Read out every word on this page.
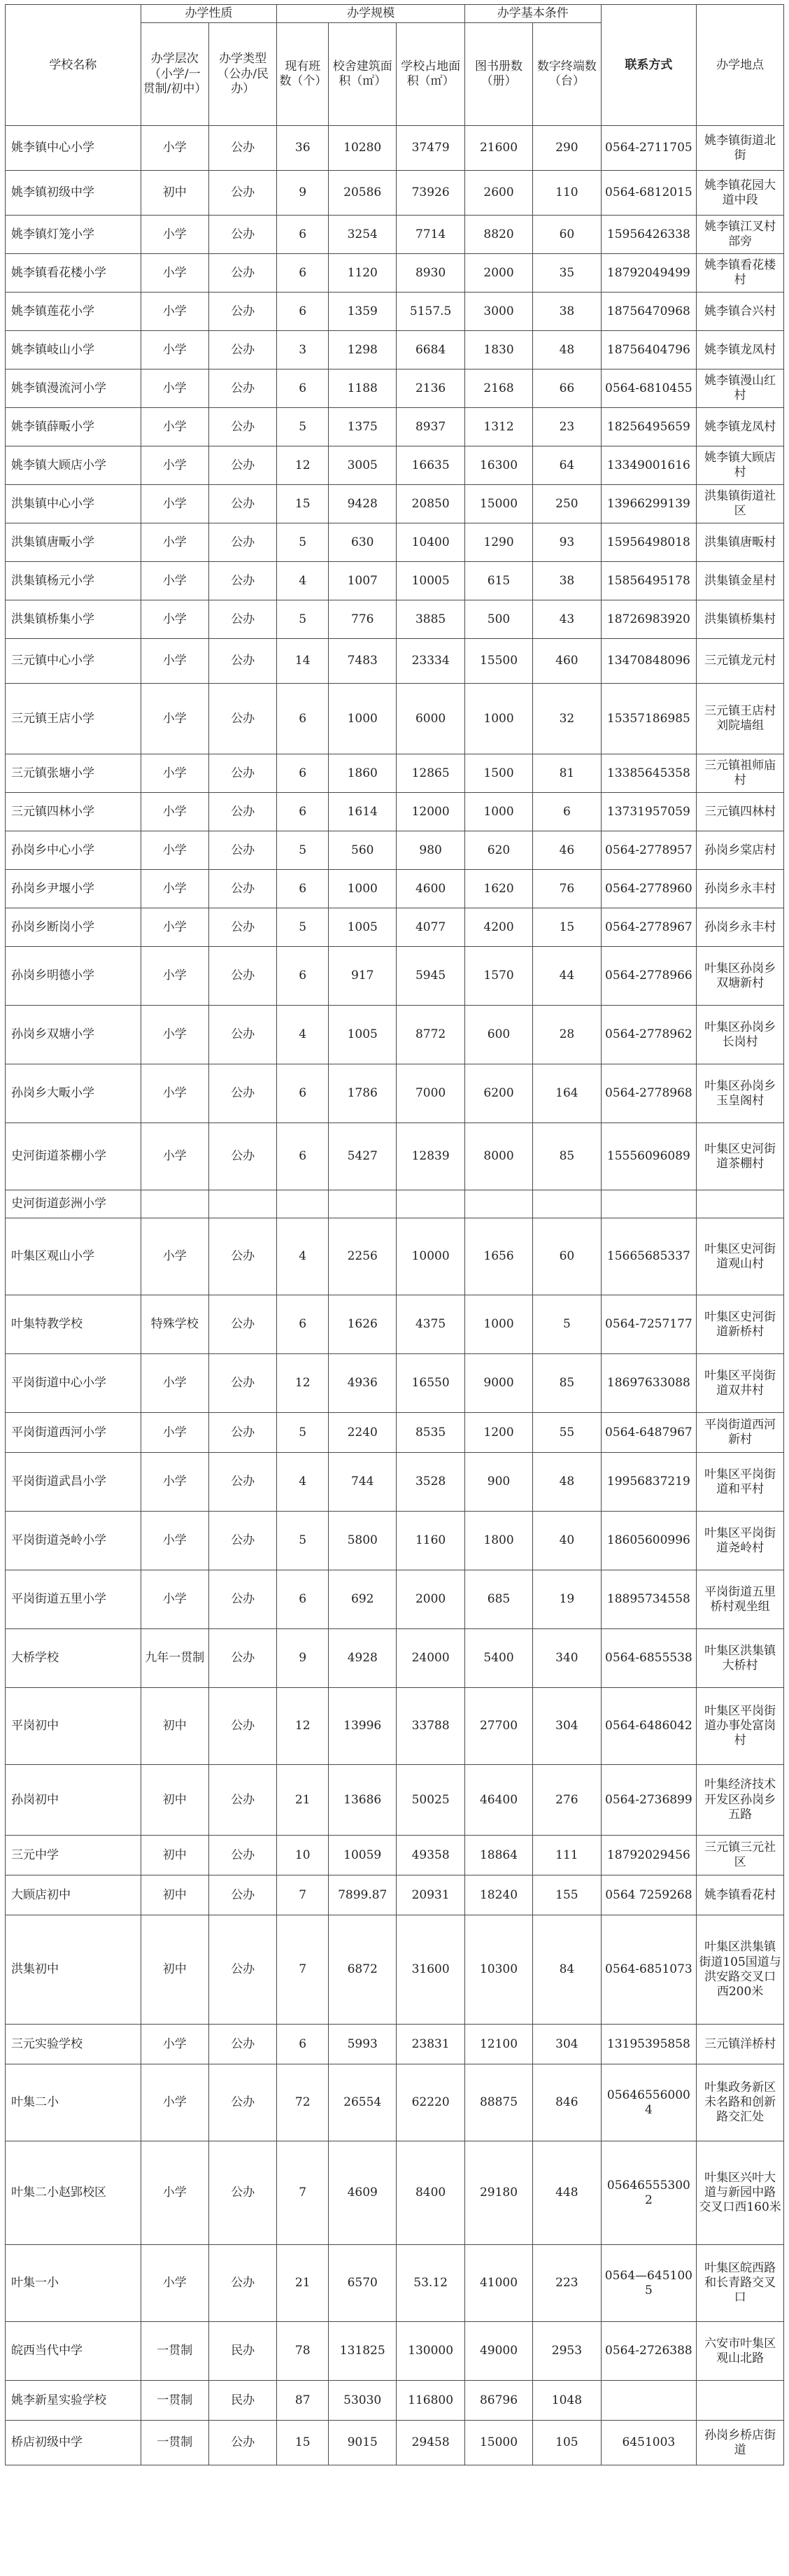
学校名称	办学性质		办学规模			办学基本条件		联系方式	办学地点
	办学层次（小学/一贯制/初中）	办学类型（公办/民办）	现有班数（个）	校舍建筑面积（㎡）	学校占地面积（㎡）	图书册数（册）	数字终端数（台）		
姚李镇中心小学	小学	公办	36	10280	37479	21600	290	0564-2711705	姚李镇街道北街
姚李镇初级中学	初中	公办	9	20586	73926	2600	110	0564-6812015	姚李镇花园大道中段
姚李镇灯笼小学	小学	公办	6	3254	7714	8820	60	15956426338	姚李镇江叉村部旁
姚李镇看花楼小学	小学	公办	6	1120	8930	2000	35	18792049499	姚李镇看花楼村
姚李镇莲花小学	小学	公办	6	1359	5157.5	3000	38	18756470968	姚李镇合兴村
姚李镇岐山小学	小学	公办	3	1298	6684	1830	48	18756404796	姚李镇龙凤村
姚李镇漫流河小学	小学	公办	6	1188	2136	2168	66	0564-6810455	姚李镇漫山红村
姚李镇薛畈小学	小学	公办	5	1375	8937	1312	23	18256495659	姚李镇龙凤村
姚李镇大顾店小学	小学	公办	12	3005	16635	16300	64	13349001616	姚李镇大顾店村
洪集镇中心小学	小学	公办	15	9428	20850	15000	250	13966299139	洪集镇街道社区
洪集镇唐畈小学	小学	公办	5	630	10400	1290	93	15956498018	洪集镇唐畈村
洪集镇杨元小学	小学	公办	4	1007	10005	615	38	15856495178	洪集镇金星村
洪集镇桥集小学	小学	公办	5	776	3885	500	43	18726983920	洪集镇桥集村
三元镇中心小学	小学	公办	14	7483	23334	15500	460	13470848096	三元镇龙元村
三元镇王店小学	小学	公办	6	1000	6000	1000	32	15357186985	三元镇王店村刘院墙组
三元镇张塘小学	小学	公办	6	1860	12865	1500	81	13385645358	三元镇祖师庙村
三元镇四林小学	小学	公办	6	1614	12000	1000	6	13731957059	三元镇四林村
孙岗乡中心小学	小学	公办	5	560	980	620	46	0564-2778957	孙岗乡棠店村
孙岗乡尹堰小学	小学	公办	6	1000	4600	1620	76	0564-2778960	孙岗乡永丰村
孙岗乡断岗小学	小学	公办	5	1005	4077	4200	15	0564-2778967	孙岗乡永丰村
孙岗乡明德小学	小学	公办	6	917	5945	1570	44	0564-2778966	叶集区孙岗乡双塘新村
孙岗乡双塘小学	小学	公办	4	1005	8772	600	28	0564-2778962	叶集区孙岗乡长岗村
孙岗乡大畈小学	小学	公办	6	1786	7000	6200	164	0564-2778968	叶集区孙岗乡玉皇阁村
史河街道茶棚小学	小学	公办	6	5427	12839	8000	85	15556096089	叶集区史河街道茶棚村
史河街道彭洲小学									
叶集区观山小学	小学	公办	4	2256	10000	1656	60	15665685337	叶集区史河街道观山村
叶集特教学校	特殊学校	公办	6	1626	4375	1000	5	0564-7257177	叶集区史河街道新桥村
平岗街道中心小学	小学	公办	12	4936	16550	9000	85	18697633088	叶集区平岗街道双井村
平岗街道西河小学	小学	公办	5	2240	8535	1200	55	0564-6487967	平岗街道西河新村
平岗街道武昌小学	小学	公办	4	744	3528	900	48	19956837219	叶集区平岗街道和平村
平岗街道尧岭小学	小学	公办	5	5800	1160	1800	40	18605600996	叶集区平岗街道尧岭村
平岗街道五里小学	小学	公办	6	692	2000	685	19	18895734558	平岗街道五里桥村观坐组
大桥学校	九年一贯制	公办	9	4928	24000	5400	340	0564-6855538	叶集区洪集镇大桥村
平岗初中	初中	公办	12	13996	33788	27700	304	0564-6486042	叶集区平岗街道办事处富岗村
孙岗初中	初中	公办	21	13686	50025	46400	276	0564-2736899	叶集经济技术开发区孙岗乡五路
三元中学	初中	公办	10	10059	49358	18864	111	18792029456	三元镇三元社区
大顾店初中	初中	公办	7	7899.87	20931	18240	155	0564 7259268	姚李镇看花村
洪集初中	初中	公办	7	6872	31600	10300	84	0564-6851073	叶集区洪集镇街道105国道与洪安路交叉口西200米
三元实验学校	小学	公办	6	5993	23831	12100	304	13195395858	三元镇洋桥村
叶集二小	小学	公办	72	26554	62220	88875	846	056465560004	叶集政务新区未名路和创新路交汇处
叶集二小赵郢校区	小学	公办	7	4609	8400	29180	448	056465553002	叶集区兴叶大道与新园中路交叉口西160米
叶集一小	小学	公办	21	6570	53.12	41000	223	0564—6451005	叶集区皖西路和长青路交叉口
皖西当代中学	一贯制	民办	78	131825	130000	49000	2953	0564-2726388	六安市叶集区观山北路
姚李新星实验学校	一贯制	民办	87	53030	116800	86796	1048		
桥店初级中学	一贯制	公办	15	9015	29458	15000	105	6451003	孙岗乡桥店街道
